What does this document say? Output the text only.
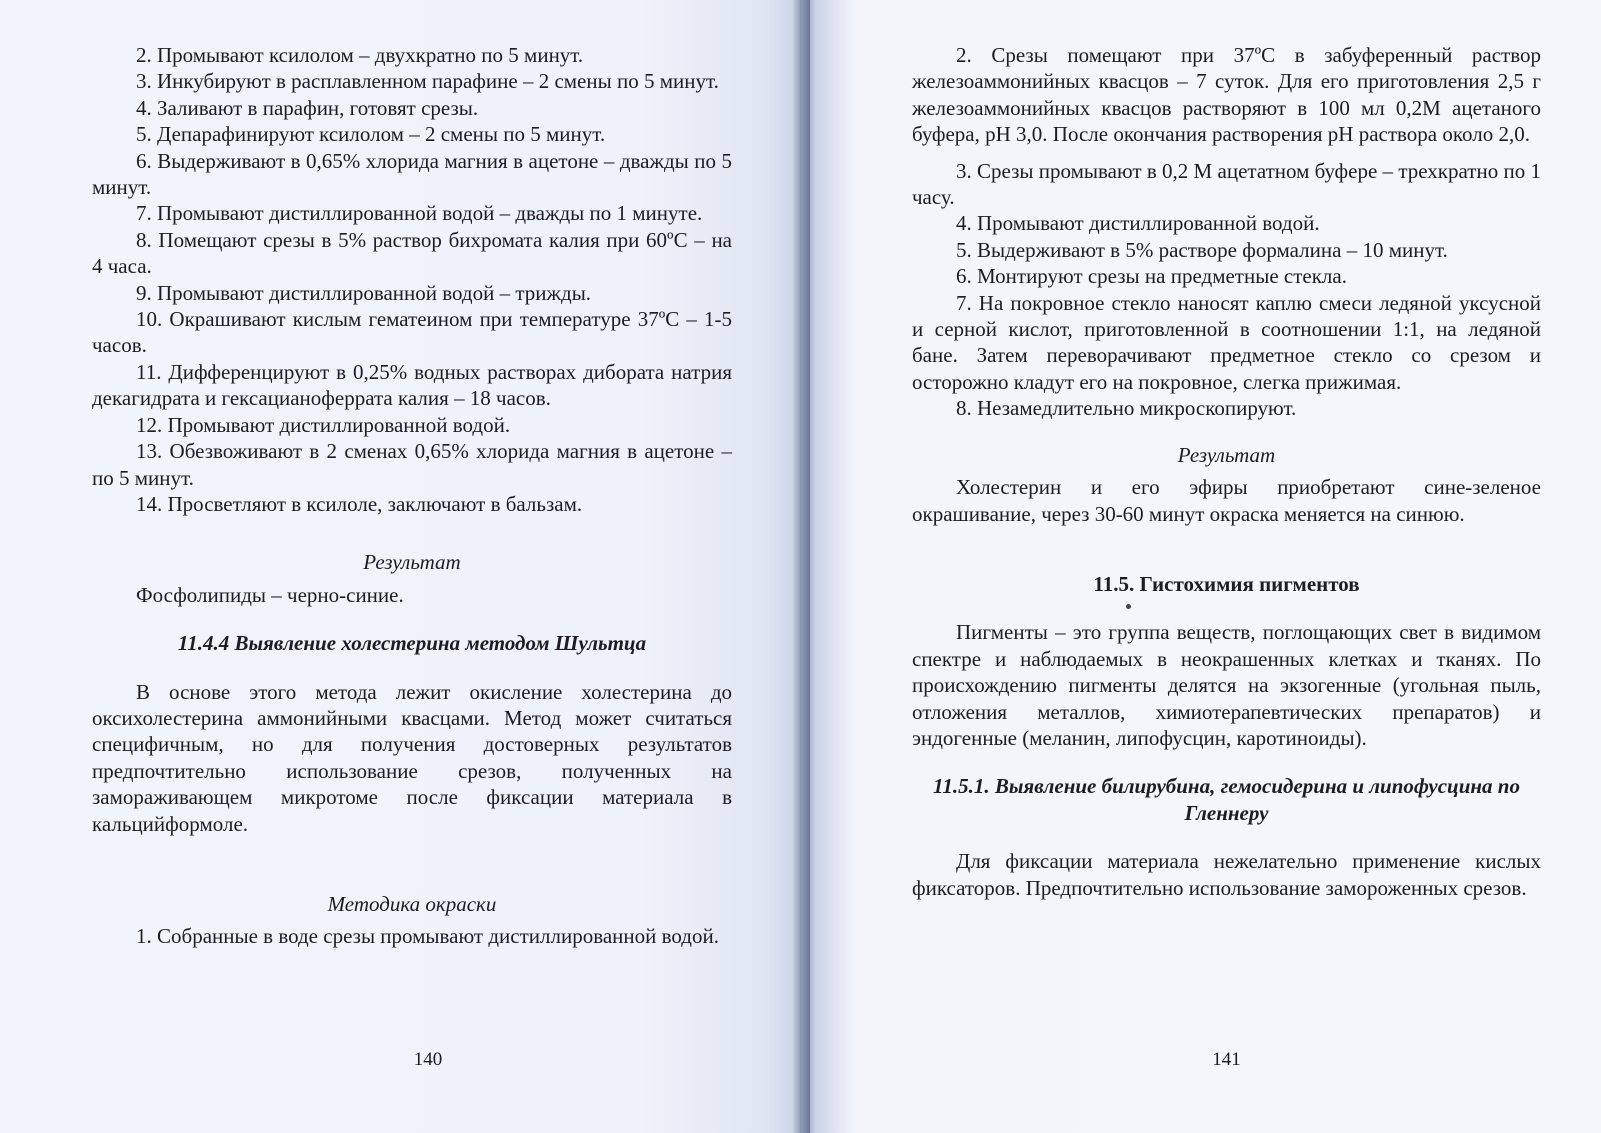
2. Промывают ксилолом – двухкратно по 5 минут.

3. Инкубируют в расплавленном парафине – 2 смены по 5 минут.

4. Заливают в парафин, готовят срезы.

5. Депарафинируют ксилолом – 2 смены по 5 минут.

6. Выдерживают в 0,65% хлорида магния в ацетоне – дважды по 5 минут.

7. Промывают дистиллированной водой – дважды по 1 минуте.

8. Помещают срезы в 5% раствор бихромата калия при 60ºС – на 4 часа.

9. Промывают дистиллированной водой – трижды.

10. Окрашивают кислым гематеином при температуре 37ºС – 1-5 часов.

11. Дифференцируют в 0,25% водных растворах дибората натрия декагидрата и гексацианоферрата калия – 18 часов.

12. Промывают дистиллированной водой.

13. Обезвоживают в 2 сменах 0,65% хлорида магния в ацетоне – по 5 минут.

14. Просветляют в ксилоле, заключают в бальзам.

Результат

Фосфолипиды – черно-синие.

11.4.4 Выявление холестерина методом Шультца

В основе этого метода лежит окисление холестерина до оксихолестерина аммонийными квасцами. Метод может считаться специфичным, но для получения достоверных результатов предпочтительно использование срезов, полученных на замораживающем микротоме после фиксации материала в кальцийформоле.

Методика окраски

1. Собранные в воде срезы промывают дистиллированной водой.

140

2. Срезы помещают при 37ºС в забуференный раствор железоаммонийных квасцов – 7 суток. Для его приготовления 2,5 г железоаммонийных квасцов растворяют в 100 мл 0,2М ацетаного буфера, рН 3,0. После окончания растворения рН раствора около 2,0.

3. Срезы промывают в 0,2 М ацетатном буфере – трехкратно по 1 часу.

4. Промывают дистиллированной водой.

5. Выдерживают в 5% растворе формалина – 10 минут.

6. Монтируют срезы на предметные стекла.

7. На покровное стекло наносят каплю смеси ледяной уксусной и серной кислот, приготовленной в соотношении 1:1, на ледяной бане. Затем переворачивают предметное стекло со срезом и осторожно кладут его на покровное, слегка прижимая.

8. Незамедлительно микроскопируют.

Результат

Холестерин и его эфиры приобретают сине-зеленое окрашивание, через 30-60 минут окраска меняется на синюю.

11.5. Гистохимия пигментов

Пигменты – это группа веществ, поглощающих свет в видимом спектре и наблюдаемых в неокрашенных клетках и тканях. По происхождению пигменты делятся на экзогенные (угольная пыль, отложения металлов, химиотерапевтических препаратов) и эндогенные (меланин, липофусцин, каротиноиды).

11.5.1. Выявление билирубина, гемосидерина и липофусцина по Гленнеру

Для фиксации материала нежелательно применение кислых фиксаторов. Предпочтительно использование замороженных срезов.

141
